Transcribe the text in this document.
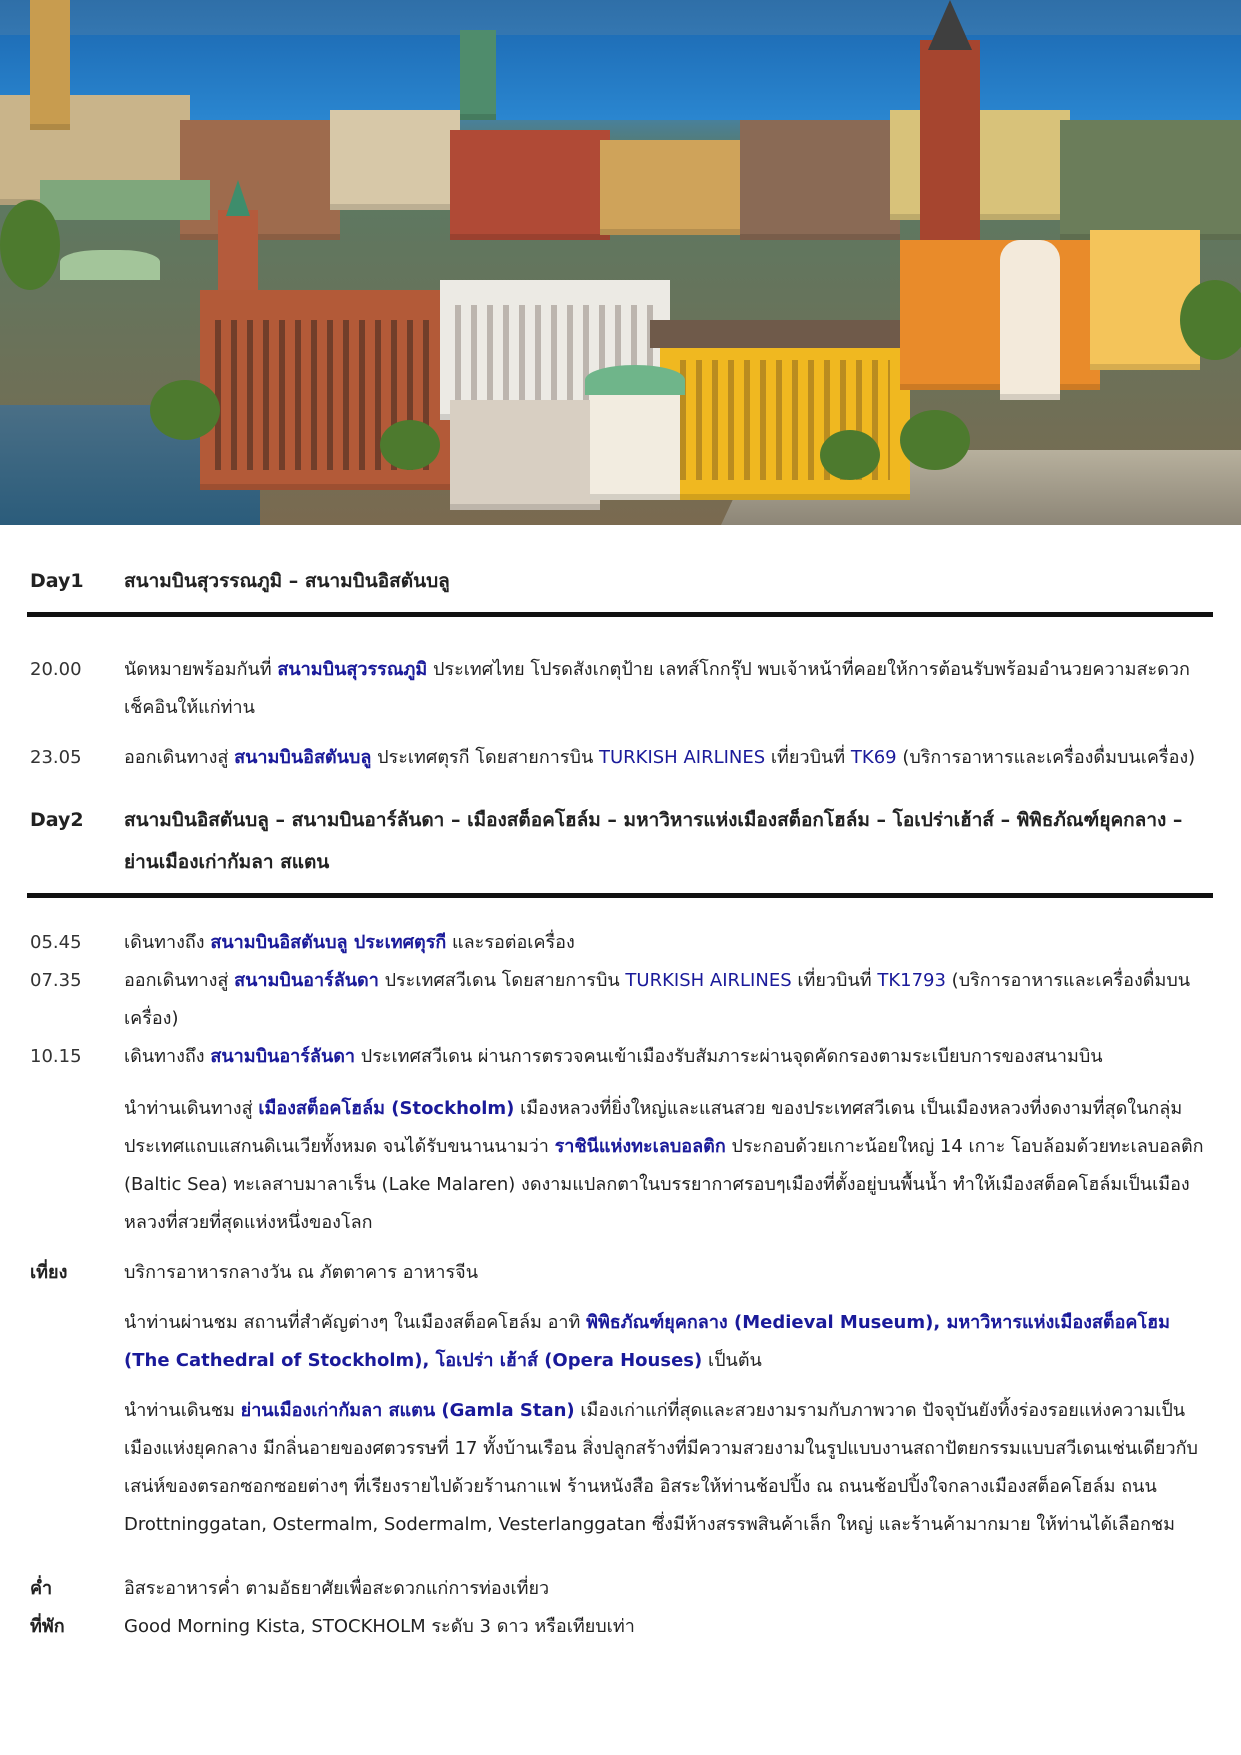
Day1	สนามบินสุวรรณภูมิ – สนามบินอิสตันบลู
20.00	นัดหมายพร้อมกันที่ สนามบินสุวรรณภูมิ ประเทศไทย โปรดสังเกตุป้าย เลทส์โกกรุ๊ป พบเจ้าหน้าที่คอยให้การต้อนรับพร้อมอำนวยความสะดวกเช็คอินให้แก่ท่าน
23.05	ออกเดินทางสู่ สนามบินอิสตันบลู ประเทศตุรกี โดยสายการบิน TURKISH AIRLINES เที่ยวบินที่ TK69 (บริการอาหารและเครื่องดื่มบนเครื่อง)
Day2	สนามบินอิสตันบลู – สนามบินอาร์ลันดา – เมืองสต็อคโฮล์ม – มหาวิหารแห่งเมืองสต็อกโฮล์ม – โอเปร่าเฮ้าส์ – พิพิธภัณฑ์ยุคกลาง – ย่านเมืองเก่ากัมลา สแตน
05.45	เดินทางถึง สนามบินอิสตันบลู ประเทศตุรกี และรอต่อเครื่อง
07.35	ออกเดินทางสู่ สนามบินอาร์ลันดา ประเทศสวีเดน โดยสายการบิน TURKISH AIRLINES เที่ยวบินที่ TK1793 (บริการอาหารและเครื่องดื่มบนเครื่อง)
10.15	เดินทางถึง สนามบินอาร์ลันดา ประเทศสวีเดน ผ่านการตรวจคนเข้าเมืองรับสัมภาระผ่านจุดคัดกรองตามระเบียบการของสนามบิน
นำท่านเดินทางสู่ เมืองสต็อคโฮล์ม (Stockholm) เมืองหลวงที่ยิ่งใหญ่และแสนสวย ของประเทศสวีเดน เป็นเมืองหลวงที่งดงามที่สุดในกลุ่มประเทศแถบแสกนดิเนเวียทั้งหมด จนได้รับขนานนามว่า ราชินีแห่งทะเลบอลติก ประกอบด้วยเกาะน้อยใหญ่ 14 เกาะ โอบล้อมด้วยทะเลบอลติก (Baltic Sea) ทะเลสาบมาลาเร็น (Lake Malaren) งดงามแปลกตาในบรรยากาศรอบๆเมืองที่ตั้งอยู่บนพื้นน้ำ ทำให้เมืองสต็อคโฮล์มเป็นเมืองหลวงที่สวยที่สุดแห่งหนึ่งของโลก
เที่ยง	บริการอาหารกลางวัน ณ ภัตตาคาร อาหารจีน
นำท่านผ่านชม สถานที่สำคัญต่างๆ ในเมืองสต็อคโฮล์ม อาทิ พิพิธภัณฑ์ยุคกลาง (Medieval Museum), มหาวิหารแห่งเมืองสต็อคโฮม (The Cathedral of Stockholm), โอเปร่า เฮ้าส์ (Opera Houses) เป็นต้น
นำท่านเดินชม ย่านเมืองเก่ากัมลา สแตน (Gamla Stan) เมืองเก่าแก่ที่สุดและสวยงามรามกับภาพวาด ปัจจุบันยังทิ้งร่องรอยแห่งความเป็นเมืองแห่งยุคกลาง มีกลิ่นอายของศตวรรษที่ 17 ทั้งบ้านเรือน สิ่งปลูกสร้างที่มีความสวยงามในรูปแบบงานสถาปัตยกรรมแบบสวีเดนเช่นเดียวกับเสน่ห์ของตรอกซอกซอยต่างๆ ที่เรียงรายไปด้วยร้านกาแฟ ร้านหนังสือ อิสระให้ท่านช้อปปิ้ง ณ ถนนช้อปปิ้งใจกลางเมืองสต็อคโฮล์ม ถนน Drottninggatan, Ostermalm, Sodermalm, Vesterlanggatan ซึ่งมีห้างสรรพสินค้าเล็ก ใหญ่ และร้านค้ามากมาย ให้ท่านได้เลือกชม
ค่ำ	อิสระอาหารค่ำ ตามอัธยาศัยเพื่อสะดวกแก่การท่องเที่ยว
ที่พัก	Good Morning Kista, STOCKHOLM ระดับ 3 ดาว หรือเทียบเท่า
